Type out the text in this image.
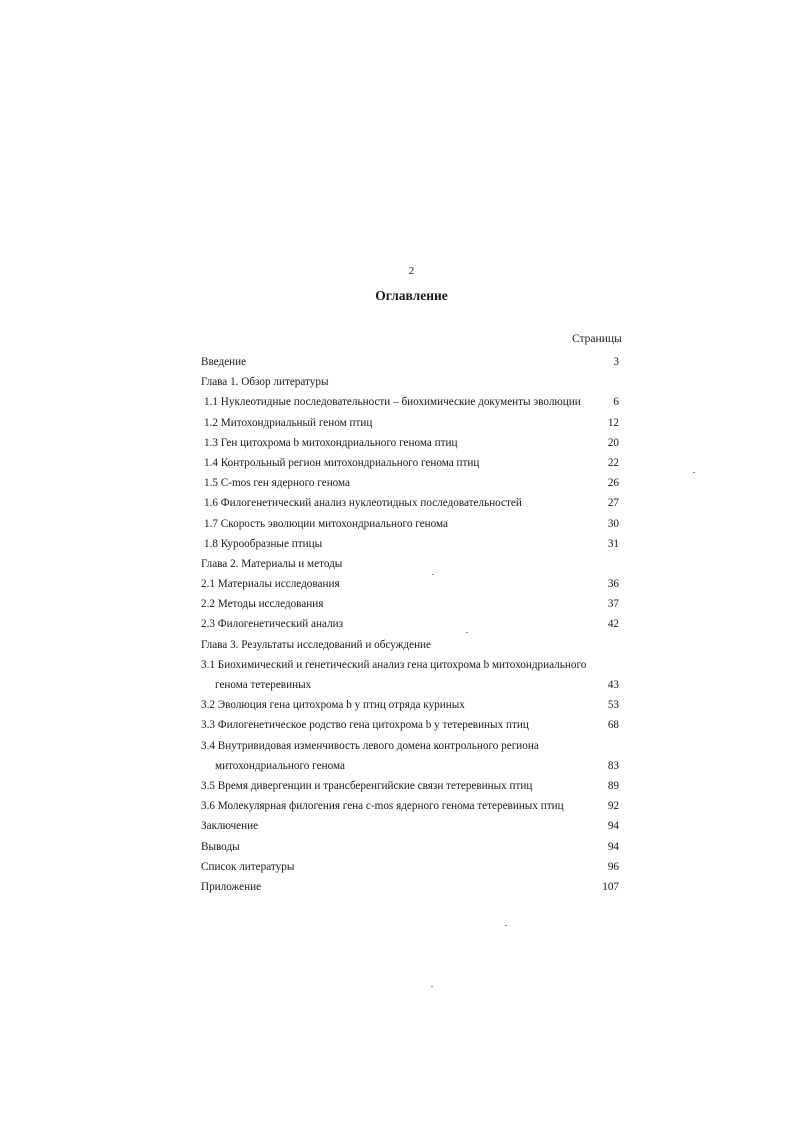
2
Оглавление
Страницы
Введение	3
Глава 1. Обзор литературы
1.1 Нуклеотидные последовательности – биохимические документы эволюции	6
1.2 Митохондриальный геном птиц	12
1.3 Ген цитохрома b митохондриального генома птиц	20
1.4 Контрольный регион митохондриального генома птиц	22
1.5 C-mos ген ядерного генома	26
1.6 Филогенетический анализ нуклеотидных последовательностей	27
1.7 Скорость эволюции митохондриального генома	30
1.8 Курообразные птицы	31
Глава 2. Материалы и методы
2.1 Материалы исследования	36
2.2 Методы исследования	37
2.3 Филогенетический анализ	42
Глава 3. Результаты исследований и обсуждение
3.1 Биохимический и генетический анализ гена цитохрома b митохондриального
генома тетеревиных	43
3.2 Эволюция гена цитохрома b у птиц отряда куриных	53
3.3 Филогенетическое родство гена цитохрома b у тетеревиных птиц	68
3.4 Внутривидовая изменчивость левого домена контрольного региона
митохондриального генома	83
3.5 Время дивергенции и трансберенгийские связи тетеревиных птиц	89
3.6 Молекулярная филогения гена c-mos ядерного генома тетеревиных птиц	92
Заключение	94
Выводы	94
Список литературы	96
Приложение	107
